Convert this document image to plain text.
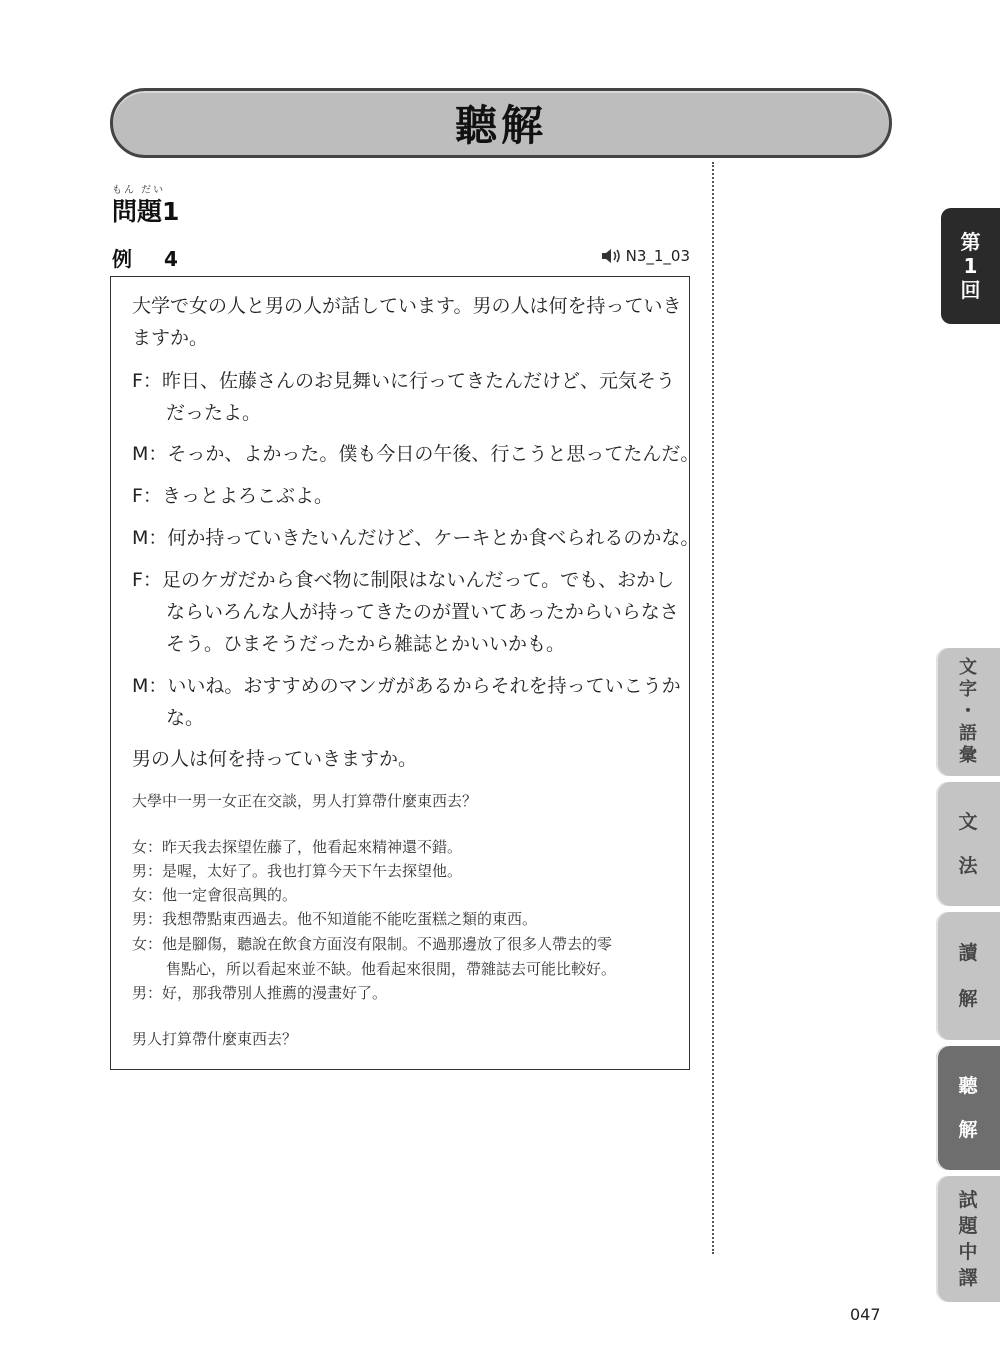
聽解
もん だい
問題1
例　4	N3_1_03
大学で女の人と男の人が話しています。男の人は何を持っていき
ますか。
F：昨日、佐藤さんのお見舞いに行ってきたんだけど、元気そう
だったよ。
M：そっか、よかった。僕も今日の午後、行こうと思ってたんだ。
F：きっとよろこぶよ。
M：何か持っていきたいんだけど、ケーキとか食べられるのかな。
F：足のケガだから食べ物に制限はないんだって。でも、おかし
ならいろんな人が持ってきたのが置いてあったからいらなさ
そう。ひまそうだったから雑誌とかいいかも。
M：いいね。おすすめのマンガがあるからそれを持っていこうか
な。
男の人は何を持っていきますか。
大學中一男一女正在交談，男人打算帶什麼東西去？
女：昨天我去探望佐藤了，他看起來精神還不錯。
男：是喔，太好了。我也打算今天下午去探望他。
女：他一定會很高興的。
男：我想帶點東西過去。他不知道能不能吃蛋糕之類的東西。
女：他是腳傷，聽說在飲食方面沒有限制。不過那邊放了很多人帶去的零
售點心，所以看起來並不缺。他看起來很閒，帶雜誌去可能比較好。
男：好，那我帶別人推薦的漫畫好了。
男人打算帶什麼東西去？
第
1
回
文
字
・
語
彙
文
法
讀
解
聽
解
試
題
中
譯
047
